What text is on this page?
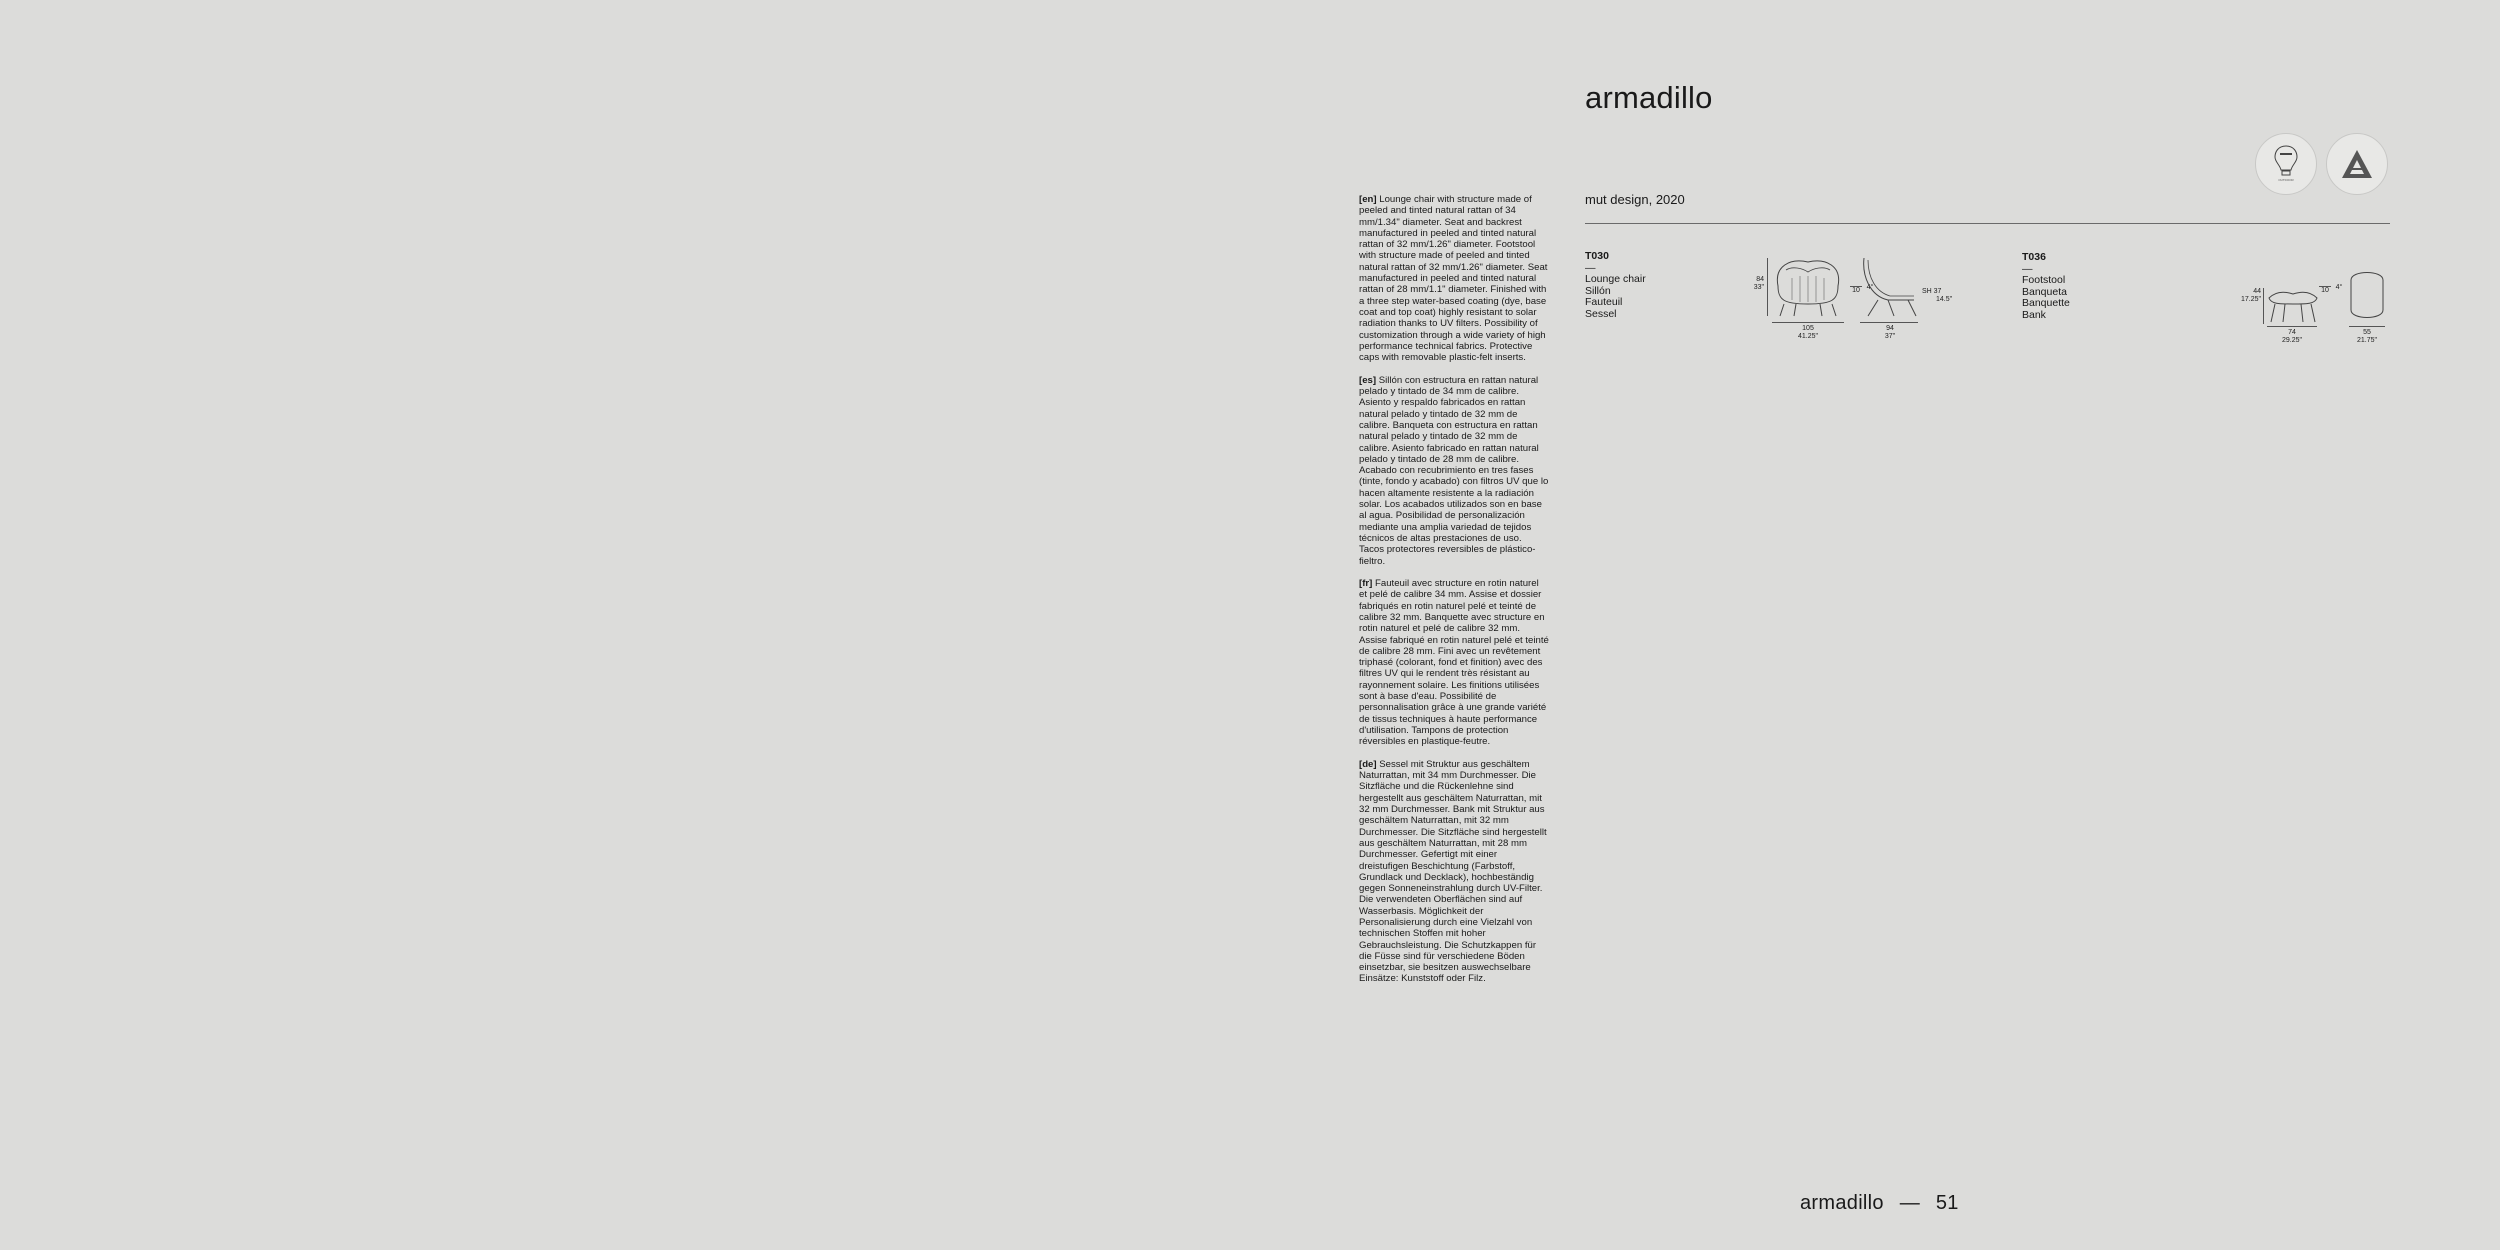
armadillo
mut design, 2020
OUTDOOR

[en] Lounge chair with structure made of peeled and tinted natural rattan of 34 mm/1.34" diameter. Seat and backrest manufactured in peeled and tinted natural rattan of 32 mm/1.26" diameter. Footstool with structure made of peeled and tinted natural rattan of 32 mm/1.26" diameter. Seat manufactured in peeled and tinted natural rattan of 28 mm/1.1" diameter. Finished with a three step water-based coating (dye, base coat and top coat) highly resistant to solar radiation thanks to UV filters. Possibility of customization through a wide variety of high performance technical fabrics. Protective caps with removable plastic-felt inserts.

[es] Sillón con estructura en rattan natural pelado y tintado de 34 mm de calibre. Asiento y respaldo fabricados en rattan natural pelado y tintado de 32 mm de calibre. Banqueta con estructura en rattan natural pelado y tintado de 32 mm de calibre. Asiento fabricado en rattan natural pelado y tintado de 28 mm de calibre. Acabado con recubrimiento en tres fases (tinte, fondo y acabado) con filtros UV que lo hacen altamente resistente a la radiación solar. Los acabados utilizados son en base al agua. Posibilidad de personalización mediante una amplia variedad de tejidos técnicos de altas prestaciones de uso. Tacos protectores reversibles de plástico-fieltro.

[fr] Fauteuil avec structure en rotin naturel et pelé de calibre 34 mm. Assise et dossier fabriqués en rotin naturel pelé et teinté de calibre 32 mm. Banquette avec structure en rotin naturel et pelé de calibre 32 mm. Assise fabriqué en rotin naturel pelé et teinté de calibre 28 mm. Fini avec un revêtement triphasé (colorant, fond et finition) avec des filtres UV qui le rendent très résistant au rayonnement solaire. Les finitions utilisées sont à base d'eau. Possibilité de personnalisation grâce à une grande variété de tissus techniques à haute performance d'utilisation. Tampons de protection réversibles en plastique-feutre.

[de] Sessel mit Struktur aus geschältem Naturrattan, mit 34 mm Durchmesser. Die Sitzfläche und die Rückenlehne sind hergestellt aus geschältem Naturrattan, mit 32 mm Durchmesser. Bank mit Struktur aus geschältem Naturrattan, mit 32 mm Durchmesser. Die Sitzfläche sind hergestellt aus geschältem Naturrattan, mit 28 mm Durchmesser. Gefertigt mit einer dreistufigen Beschichtung (Farbstoff, Grundlack und Decklack), hochbeständig gegen Sonneneinstrahlung durch UV-Filter. Die verwendeten Oberflächen sind auf Wasserbasis. Möglichkeit der Personalisierung durch eine Vielzahl von technischen Stoffen mit hoher Gebrauchsleistung. Die Schutzkappen für die Füsse sind für verschiedene Böden einsetzbar, sie besitzen auswechselbare Einsätze: Kunststoff oder Filz.

T030
—
Lounge chair
Sillón
Fauteuil
Sessel
84
33"
105
41.25"
10 4°
94
37"
SH 37
14.5"
T036
—
Footstool
Banqueta
Banquette
Bank
44
17.25"
74
29.25"
10 4°
55
21.75"
armadillo — 51
